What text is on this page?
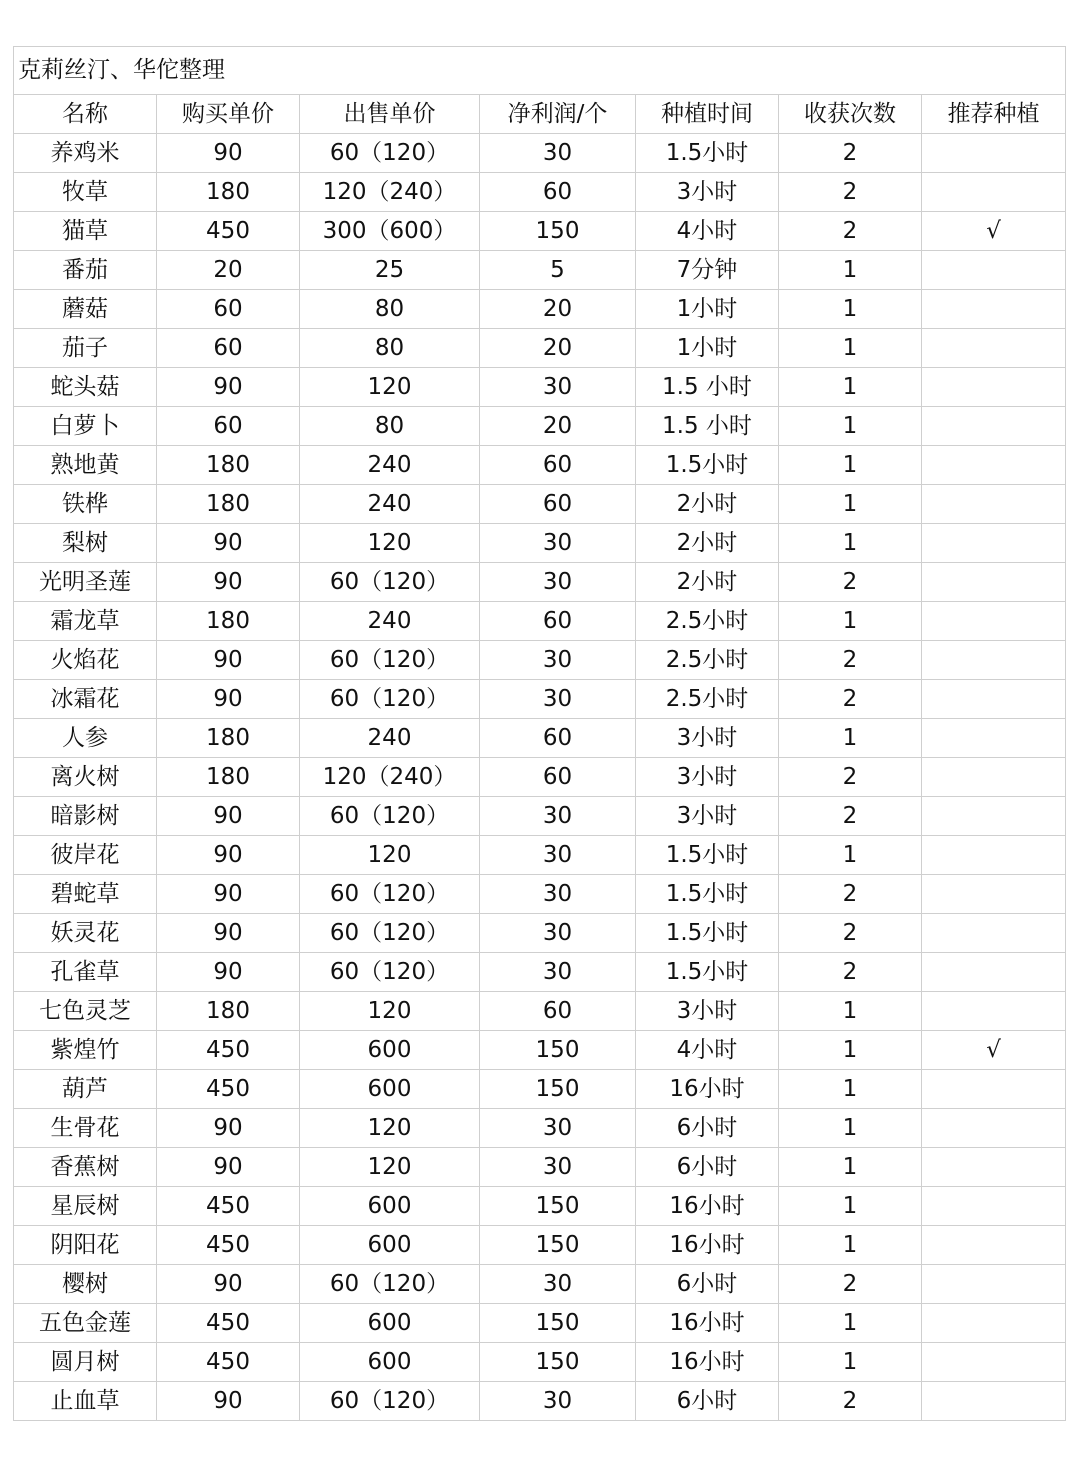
克莉丝汀、华佗整理						
名称	购买单价	出售单价	净利润/个	种植时间	收获次数	推荐种植
养鸡米	90	60（120）	30	1.5小时	2	
牧草	180	120（240）	60	3小时	2	
猫草	450	300（600）	150	4小时	2	√
番茄	20	25	5	7分钟	1	
蘑菇	60	80	20	1小时	1	
茄子	60	80	20	1小时	1	
蛇头菇	90	120	30	1.5 小时	1	
白萝卜	60	80	20	1.5 小时	1	
熟地黄	180	240	60	1.5小时	1	
铁桦	180	240	60	2小时	1	
梨树	90	120	30	2小时	1	
光明圣莲	90	60（120）	30	2小时	2	
霜龙草	180	240	60	2.5小时	1	
火焰花	90	60（120）	30	2.5小时	2	
冰霜花	90	60（120）	30	2.5小时	2	
人参	180	240	60	3小时	1	
离火树	180	120（240）	60	3小时	2	
暗影树	90	60（120）	30	3小时	2	
彼岸花	90	120	30	1.5小时	1	
碧蛇草	90	60（120）	30	1.5小时	2	
妖灵花	90	60（120）	30	1.5小时	2	
孔雀草	90	60（120）	30	1.5小时	2	
七色灵芝	180	120	60	3小时	1	
紫煌竹	450	600	150	4小时	1	√
葫芦	450	600	150	16小时	1	
生骨花	90	120	30	6小时	1	
香蕉树	90	120	30	6小时	1	
星辰树	450	600	150	16小时	1	
阴阳花	450	600	150	16小时	1	
樱树	90	60（120）	30	6小时	2	
五色金莲	450	600	150	16小时	1	
圆月树	450	600	150	16小时	1	
止血草	90	60（120）	30	6小时	2	
